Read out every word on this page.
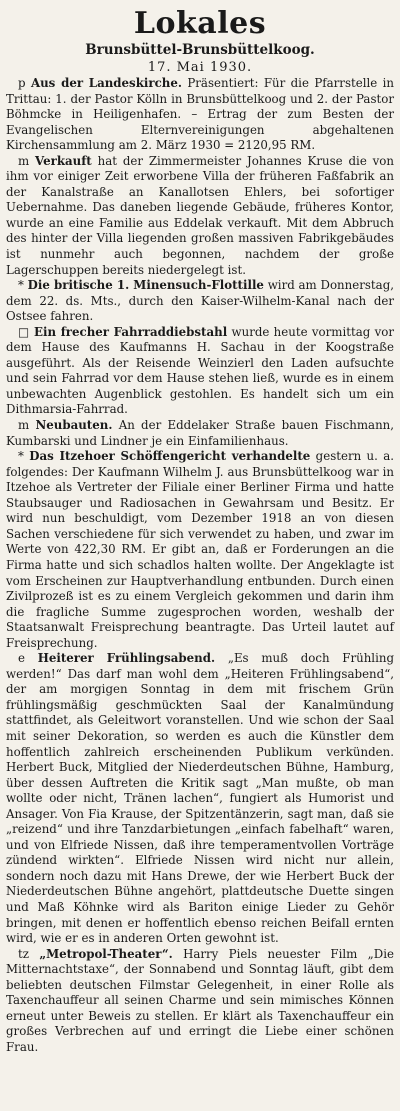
Lokales
Brunsbüttel-Brunsbüttelkoog.
17. Mai 1930.

p Aus der Landeskirche. Präsentiert: Für die Pfarrstelle in Trittau: 1. der Pastor Kölln in Brunsbüttelkoog und 2. der Pastor Böhmcke in Heiligenhafen. – Ertrag der zum Besten der Evangelischen Elternvereinigungen abgehaltenen Kirchensammlung am 2. März 1930 = 2120,95 RM.

m Verkauft hat der Zimmermeister Johannes Kruse die von ihm vor einiger Zeit erworbene Villa der früheren Faßfabrik an der Kanalstraße an Kanallotsen Ehlers, bei sofortiger Uebernahme. Das daneben liegende Gebäude, früheres Kontor, wurde an eine Familie aus Eddelak verkauft. Mit dem Abbruch des hinter der Villa liegenden großen massiven Fabrikgebäudes ist nunmehr auch begonnen, nachdem der große Lagerschuppen bereits niedergelegt ist.

* Die britische 1. Minensuch-Flottille wird am Donnerstag, dem 22. ds. Mts., durch den Kaiser-Wilhelm-Kanal nach der Ostsee fahren.

□ Ein frecher Fahrraddiebstahl wurde heute vormittag vor dem Hause des Kaufmanns H. Sachau in der Koogstraße ausgeführt. Als der Reisende Weinzierl den Laden aufsuchte und sein Fahrrad vor dem Hause stehen ließ, wurde es in einem unbewachten Augenblick gestohlen. Es handelt sich um ein Dithmarsia-Fahrrad.

m Neubauten. An der Eddelaker Straße bauen Fischmann, Kumbarski und Lindner je ein Einfamilienhaus.

* Das Itzehoer Schöffengericht verhandelte gestern u. a. folgendes: Der Kaufmann Wilhelm J. aus Brunsbüttelkoog war in Itzehoe als Vertreter der Filiale einer Berliner Firma und hatte Staubsauger und Radiosachen in Gewahrsam und Besitz. Er wird nun beschuldigt, vom Dezember 1918 an von diesen Sachen verschiedene für sich verwendet zu haben, und zwar im Werte von 422,30 RM. Er gibt an, daß er Forderungen an die Firma hatte und sich schadlos halten wollte. Der Angeklagte ist vom Erscheinen zur Hauptverhandlung entbunden. Durch einen Zivilprozeß ist es zu einem Vergleich gekommen und darin ihm die fragliche Summe zugesprochen worden, weshalb der Staatsanwalt Freisprechung beantragte. Das Urteil lautet auf Freisprechung.

e Heiterer Frühlingsabend. „Es muß doch Frühling werden!“ Das darf man wohl dem „Heiteren Frühlingsabend“, der am morgigen Sonntag in dem mit frischem Grün frühlingsmäßig geschmückten Saal der Kanalmündung stattfindet, als Geleitwort voranstellen. Und wie schon der Saal mit seiner Dekoration, so werden es auch die Künstler dem hoffentlich zahlreich erscheinenden Publikum verkünden. Herbert Buck, Mitglied der Niederdeutschen Bühne, Hamburg, über dessen Auftreten die Kritik sagt „Man mußte, ob man wollte oder nicht, Tränen lachen“, fungiert als Humorist und Ansager. Von Fia Krause, der Spitzentänzerin, sagt man, daß sie „reizend“ und ihre Tanzdarbietungen „einfach fabelhaft“ waren, und von Elfriede Nissen, daß ihre temperamentvollen Vorträge zündend wirkten“. Elfriede Nissen wird nicht nur allein, sondern noch dazu mit Hans Drewe, der wie Herbert Buck der Niederdeutschen Bühne angehört, plattdeutsche Duette singen und Maß Köhnke wird als Bariton einige Lieder zu Gehör bringen, mit denen er hoffentlich ebenso reichen Beifall ernten wird, wie er es in anderen Orten gewohnt ist.

tz „Metropol-Theater“. Harry Piels neuester Film „Die Mitternachtstaxe“, der Sonnabend und Sonntag läuft, gibt dem beliebten deutschen Filmstar Gelegenheit, in einer Rolle als Taxenchauffeur all seinen Charme und sein mimisches Können erneut unter Beweis zu stellen. Er klärt als Taxenchauffeur ein großes Verbrechen auf und erringt die Liebe einer schönen Frau.
